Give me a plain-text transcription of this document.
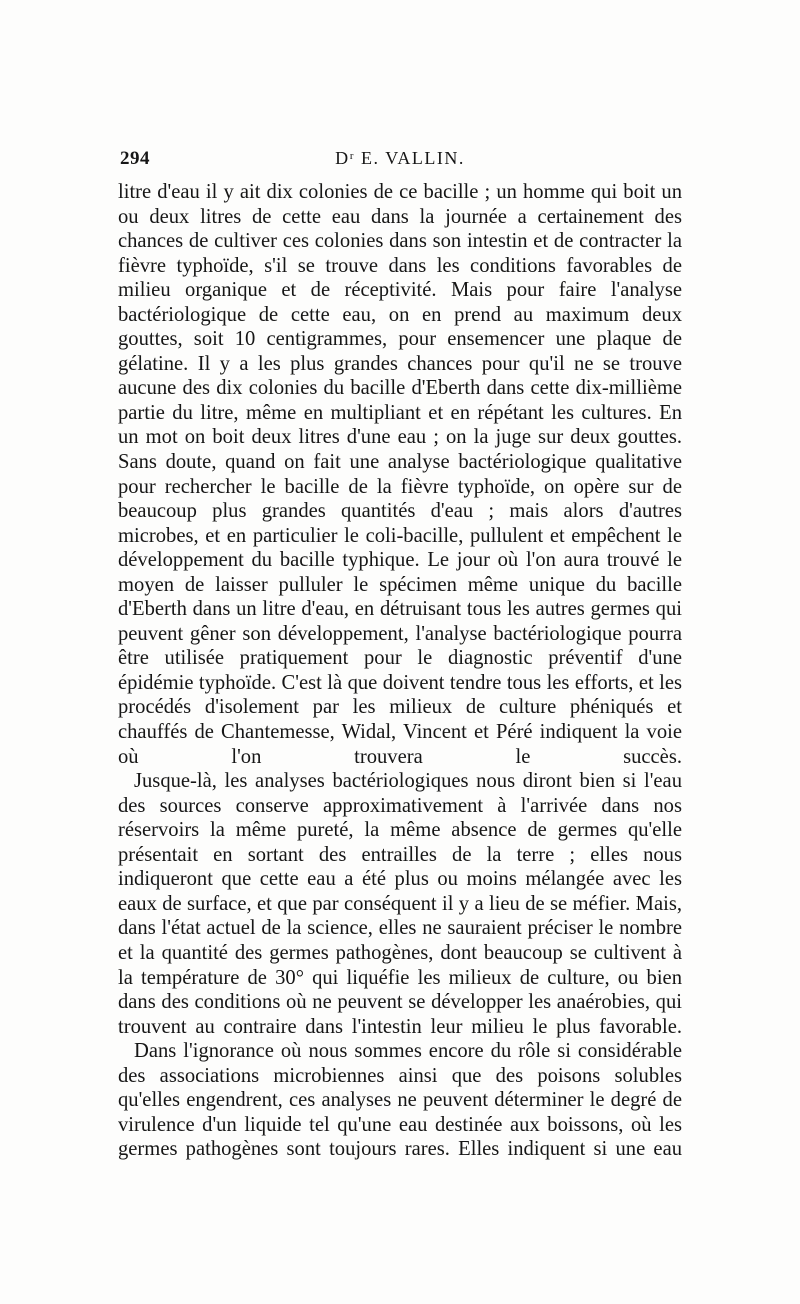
294	Dʳ E. VALLIN.

litre d'eau il y ait dix colonies de ce bacille ; un homme qui boit un ou deux litres de cette eau dans la journée a certainement des chances de cultiver ces colonies dans son intestin et de contracter la fièvre typhoïde, s'il se trouve dans les conditions favorables de milieu organique et de réceptivité. Mais pour faire l'analyse bactériologique de cette eau, on en prend au maximum deux gouttes, soit 10 centigrammes, pour ensemencer une plaque de gélatine. Il y a les plus grandes chances pour qu'il ne se trouve aucune des dix colonies du bacille d'Eberth dans cette dix-millième partie du litre, même en multipliant et en répétant les cultures. En un mot on boit deux litres d'une eau ; on la juge sur deux gouttes. Sans doute, quand on fait une analyse bactériologique qualitative pour rechercher le bacille de la fièvre typhoïde, on opère sur de beaucoup plus grandes quantités d'eau ; mais alors d'autres microbes, et en particulier le coli-bacille, pullulent et empêchent le développement du bacille typhique. Le jour où l'on aura trouvé le moyen de laisser pulluler le spécimen même unique du bacille d'Eberth dans un litre d'eau, en détruisant tous les autres germes qui peuvent gêner son développement, l'analyse bactériologique pourra être utilisée pratiquement pour le diagnostic préventif d'une épidémie typhoïde. C'est là que doivent tendre tous les efforts, et les procédés d'isolement par les milieux de culture phéniqués et chauffés de Chantemesse, Widal, Vincent et Péré indiquent la voie où l'on trouvera le succès.

Jusque-là, les analyses bactériologiques nous diront bien si l'eau des sources conserve approximativement à l'arrivée dans nos réservoirs la même pureté, la même absence de germes qu'elle présentait en sortant des entrailles de la terre ; elles nous indiqueront que cette eau a été plus ou moins mélangée avec les eaux de surface, et que par conséquent il y a lieu de se méfier. Mais, dans l'état actuel de la science, elles ne sauraient préciser le nombre et la quantité des germes pathogènes, dont beaucoup se cultivent à la température de 30° qui liquéfie les milieux de culture, ou bien dans des conditions où ne peuvent se développer les anaérobies, qui trouvent au contraire dans l'intestin leur milieu le plus favorable.

Dans l'ignorance où nous sommes encore du rôle si considérable des associations microbiennes ainsi que des poisons solubles qu'elles engendrent, ces analyses ne peuvent déterminer le degré de virulence d'un liquide tel qu'une eau destinée aux boissons, où les germes pathogènes sont toujours rares. Elles indiquent si une eau
